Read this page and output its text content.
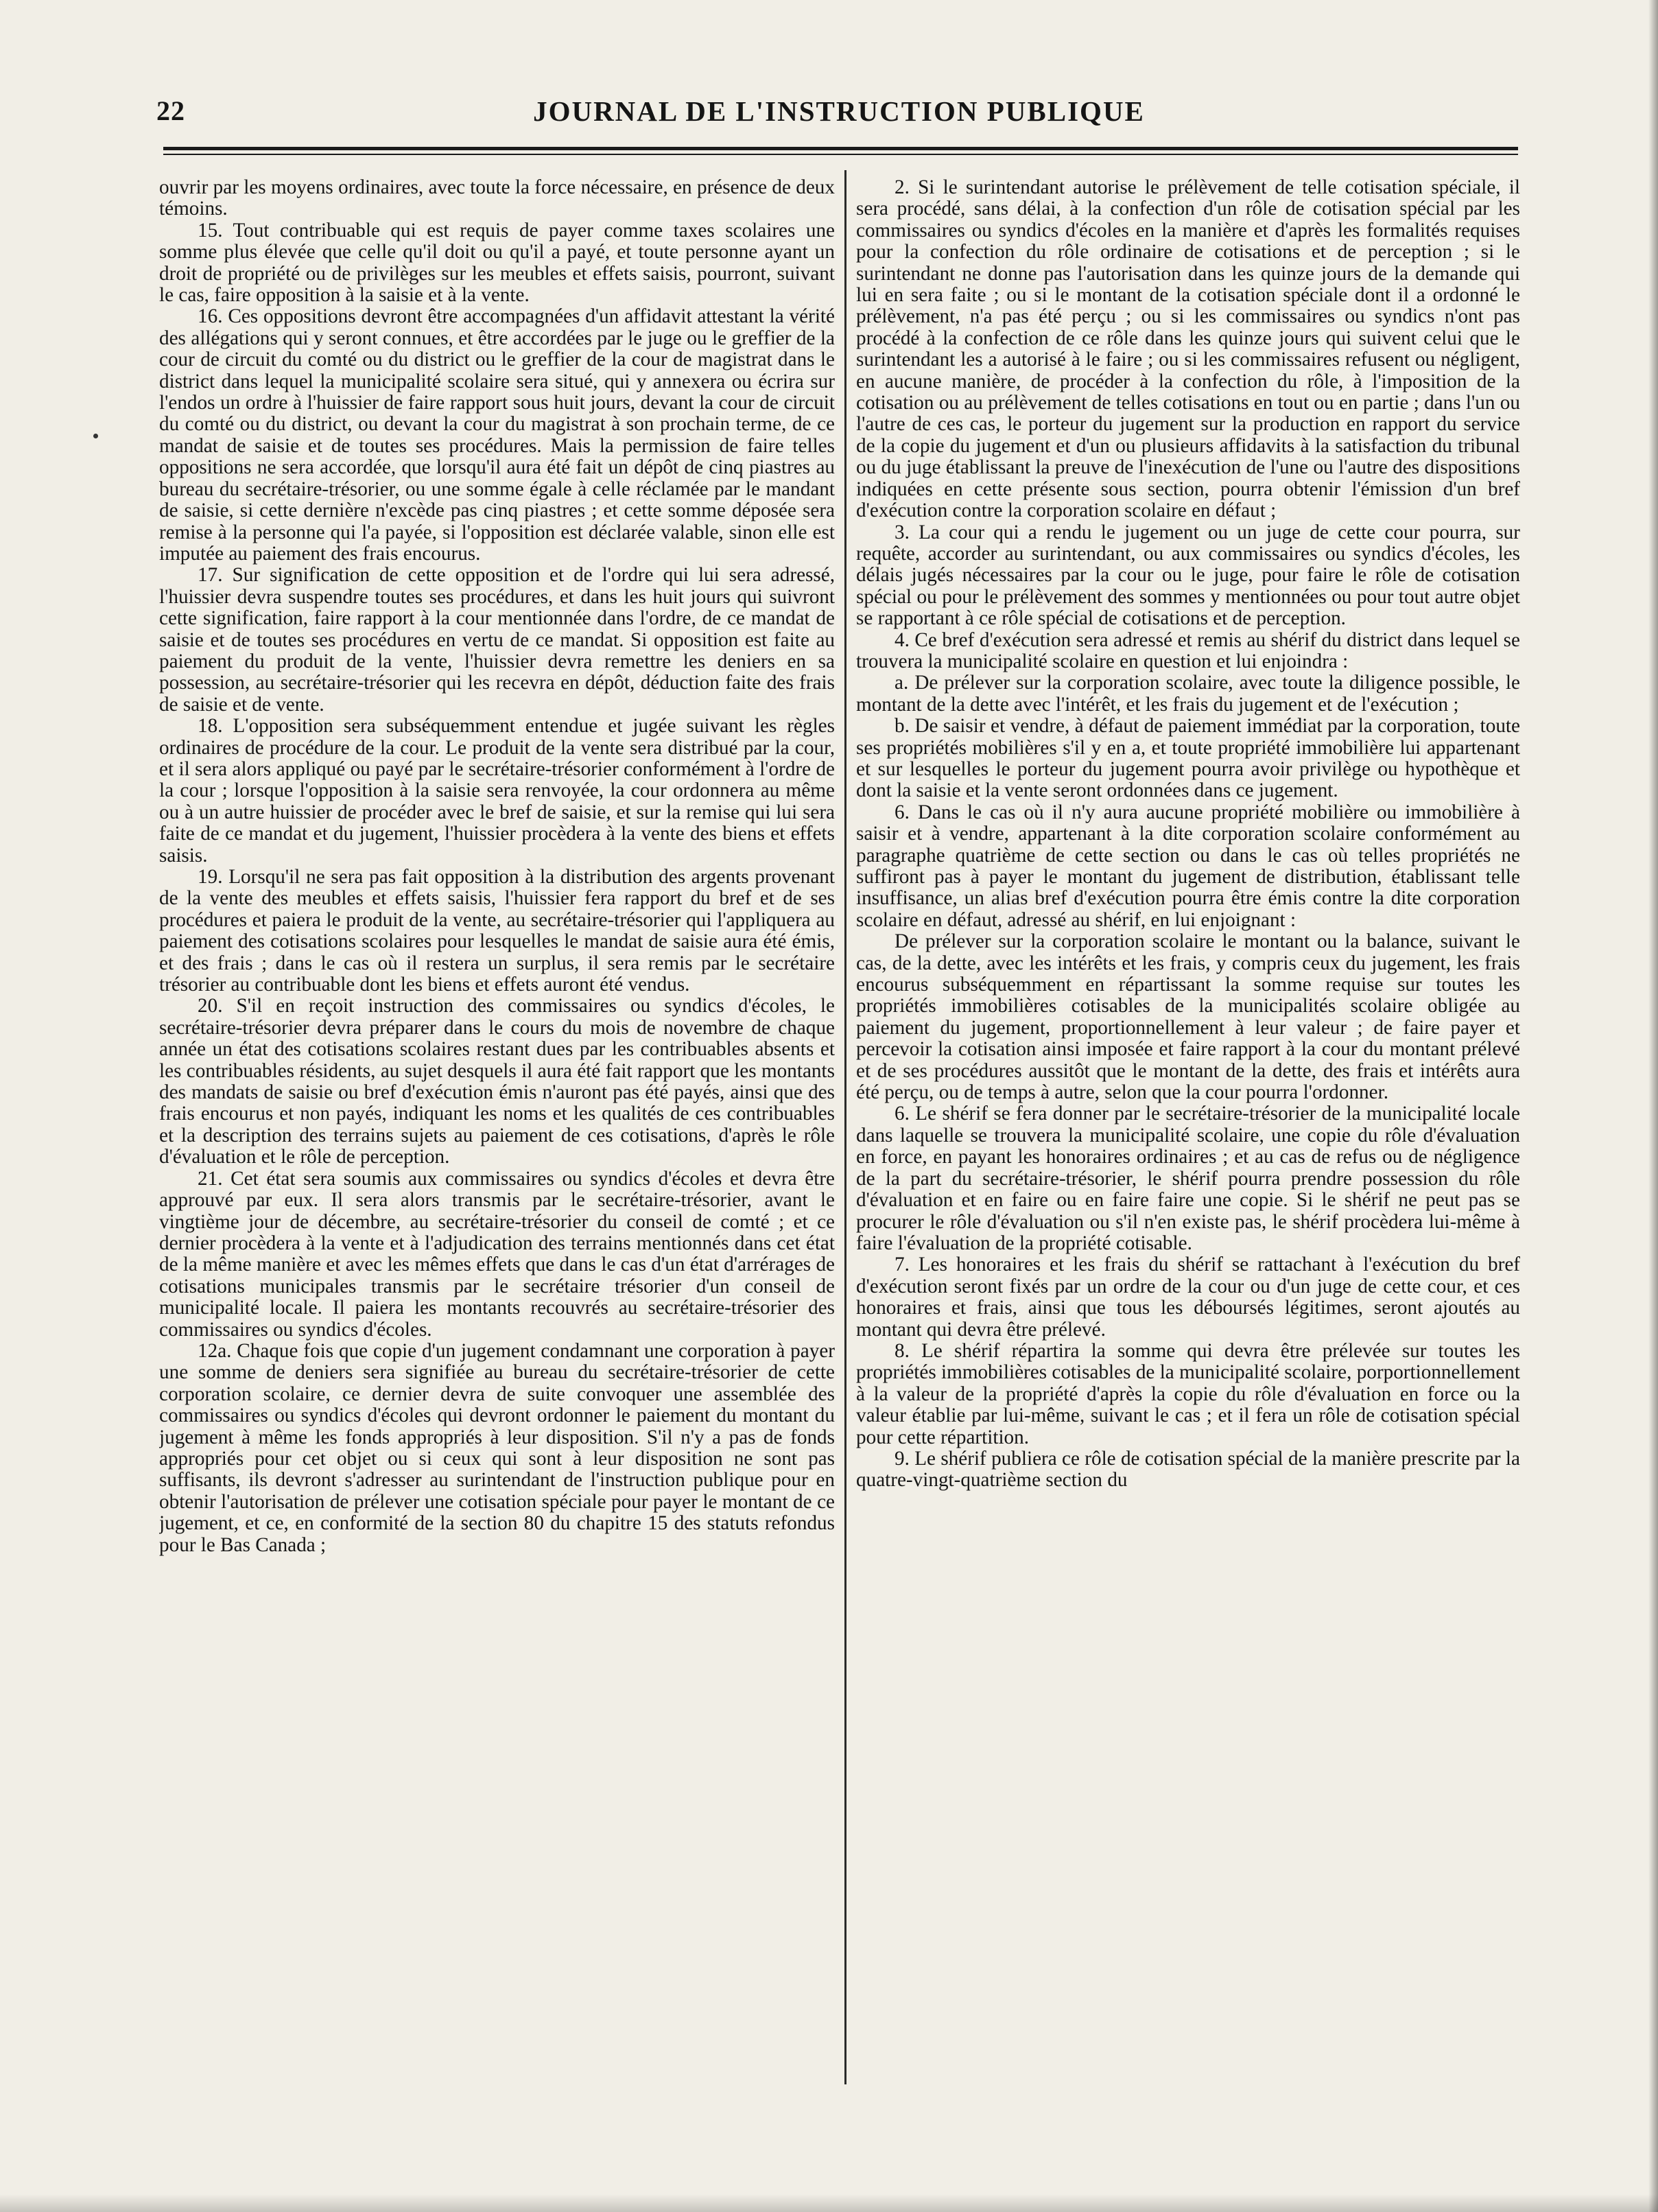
22	JOURNAL DE L'INSTRUCTION PUBLIQUE

ouvrir par les moyens ordinaires, avec toute la force nécessaire, en présence de deux témoins.

15. Tout contribuable qui est requis de payer comme taxes scolaires une somme plus élevée que celle qu'il doit ou qu'il a payé, et toute personne ayant un droit de propriété ou de privilèges sur les meubles et effets saisis, pourront, suivant le cas, faire opposition à la saisie et à la vente.

16. Ces oppositions devront être accompagnées d'un affidavit attestant la vérité des allégations qui y seront connues, et être accordées par le juge ou le greffier de la cour de circuit du comté ou du district ou le greffier de la cour de magistrat dans le district dans lequel la municipalité scolaire sera situé, qui y annexera ou écrira sur l'endos un ordre à l'huissier de faire rapport sous huit jours, devant la cour de circuit du comté ou du district, ou devant la cour du magistrat à son prochain terme, de ce mandat de saisie et de toutes ses procédures. Mais la permission de faire telles oppositions ne sera accordée, que lorsqu'il aura été fait un dépôt de cinq piastres au bureau du secrétaire-trésorier, ou une somme égale à celle réclamée par le mandant de saisie, si cette dernière n'excède pas cinq piastres ; et cette somme déposée sera remise à la personne qui l'a payée, si l'opposition est déclarée valable, sinon elle est imputée au paiement des frais encourus.

17. Sur signification de cette opposition et de l'ordre qui lui sera adressé, l'huissier devra suspendre toutes ses procédures, et dans les huit jours qui suivront cette signification, faire rapport à la cour mentionnée dans l'ordre, de ce mandat de saisie et de toutes ses procédures en vertu de ce mandat. Si opposition est faite au paiement du produit de la vente, l'huissier devra remettre les deniers en sa possession, au secrétaire-trésorier qui les recevra en dépôt, déduction faite des frais de saisie et de vente.

18. L'opposition sera subséquemment entendue et jugée suivant les règles ordinaires de procédure de la cour. Le produit de la vente sera distribué par la cour, et il sera alors appliqué ou payé par le secrétaire-trésorier conformément à l'ordre de la cour ; lorsque l'opposition à la saisie sera renvoyée, la cour ordonnera au même ou à un autre huissier de procéder avec le bref de saisie, et sur la remise qui lui sera faite de ce mandat et du jugement, l'huissier procèdera à la vente des biens et effets saisis.

19. Lorsqu'il ne sera pas fait opposition à la distribution des argents provenant de la vente des meubles et effets saisis, l'huissier fera rapport du bref et de ses procédures et paiera le produit de la vente, au secrétaire-trésorier qui l'appliquera au paiement des cotisations scolaires pour lesquelles le mandat de saisie aura été émis, et des frais ; dans le cas où il restera un surplus, il sera remis par le secrétaire trésorier au contribuable dont les biens et effets auront été vendus.

20. S'il en reçoit instruction des commissaires ou syndics d'écoles, le secrétaire-trésorier devra préparer dans le cours du mois de novembre de chaque année un état des cotisations scolaires restant dues par les contribuables absents et les contribuables résidents, au sujet desquels il aura été fait rapport que les montants des mandats de saisie ou bref d'exécution émis n'auront pas été payés, ainsi que des frais encourus et non payés, indiquant les noms et les qualités de ces contribuables et la description des terrains sujets au paiement de ces cotisations, d'après le rôle d'évaluation et le rôle de perception.

21. Cet état sera soumis aux commissaires ou syndics d'écoles et devra être approuvé par eux. Il sera alors transmis par le secrétaire-trésorier, avant le vingtième jour de décembre, au secrétaire-trésorier du conseil de comté ; et ce dernier procèdera à la vente et à l'adjudication des terrains mentionnés dans cet état de la même manière et avec les mêmes effets que dans le cas d'un état d'arrérages de cotisations municipales transmis par le secrétaire trésorier d'un conseil de municipalité locale. Il paiera les montants recouvrés au secrétaire-trésorier des commissaires ou syndics d'écoles.

12a. Chaque fois que copie d'un jugement condamnant une corporation à payer une somme de deniers sera signifiée au bureau du secrétaire-trésorier de cette corporation scolaire, ce dernier devra de suite convoquer une assemblée des commissaires ou syndics d'écoles qui devront ordonner le paiement du montant du jugement à même les fonds appropriés à leur disposition. S'il n'y a pas de fonds appropriés pour cet objet ou si ceux qui sont à leur disposition ne sont pas suffisants, ils devront s'adresser au surintendant de l'instruction publique pour en obtenir l'autorisation de prélever une cotisation spéciale pour payer le montant de ce jugement, et ce, en conformité de la section 80 du chapitre 15 des statuts refondus pour le Bas Canada ;

2. Si le surintendant autorise le prélèvement de telle cotisation spéciale, il sera procédé, sans délai, à la confection d'un rôle de cotisation spécial par les commissaires ou syndics d'écoles en la manière et d'après les formalités requises pour la confection du rôle ordinaire de cotisations et de perception ; si le surintendant ne donne pas l'autorisation dans les quinze jours de la demande qui lui en sera faite ; ou si le montant de la cotisation spéciale dont il a ordonné le prélèvement, n'a pas été perçu ; ou si les commissaires ou syndics n'ont pas procédé à la confection de ce rôle dans les quinze jours qui suivent celui que le surintendant les a autorisé à le faire ; ou si les commissaires refusent ou négligent, en aucune manière, de procéder à la confection du rôle, à l'imposition de la cotisation ou au prélèvement de telles cotisations en tout ou en partie ; dans l'un ou l'autre de ces cas, le porteur du jugement sur la production en rapport du service de la copie du jugement et d'un ou plusieurs affidavits à la satisfaction du tribunal ou du juge établissant la preuve de l'inexécution de l'une ou l'autre des dispositions indiquées en cette présente sous section, pourra obtenir l'émission d'un bref d'exécution contre la corporation scolaire en défaut ;

3. La cour qui a rendu le jugement ou un juge de cette cour pourra, sur requête, accorder au surintendant, ou aux commissaires ou syndics d'écoles, les délais jugés nécessaires par la cour ou le juge, pour faire le rôle de cotisation spécial ou pour le prélèvement des sommes y mentionnées ou pour tout autre objet se rapportant à ce rôle spécial de cotisations et de perception.

4. Ce bref d'exécution sera adressé et remis au shérif du district dans lequel se trouvera la municipalité scolaire en question et lui enjoindra :

a. De prélever sur la corporation scolaire, avec toute la diligence possible, le montant de la dette avec l'intérêt, et les frais du jugement et de l'exécution ;

b. De saisir et vendre, à défaut de paiement immédiat par la corporation, toute ses propriétés mobilières s'il y en a, et toute propriété immobilière lui appartenant et sur lesquelles le porteur du jugement pourra avoir privilège ou hypothèque et dont la saisie et la vente seront ordonnées dans ce jugement.

6. Dans le cas où il n'y aura aucune propriété mobilière ou immobilière à saisir et à vendre, appartenant à la dite corporation scolaire conformément au paragraphe quatrième de cette section ou dans le cas où telles propriétés ne suffiront pas à payer le montant du jugement de distribution, établissant telle insuffisance, un alias bref d'exécution pourra être émis contre la dite corporation scolaire en défaut, adressé au shérif, en lui enjoignant :

De prélever sur la corporation scolaire le montant ou la balance, suivant le cas, de la dette, avec les intérêts et les frais, y compris ceux du jugement, les frais encourus subséquemment en répartissant la somme requise sur toutes les propriétés immobilières cotisables de la municipalités scolaire obligée au paiement du jugement, proportionnellement à leur valeur ; de faire payer et percevoir la cotisation ainsi imposée et faire rapport à la cour du montant prélevé et de ses procédures aussitôt que le montant de la dette, des frais et intérêts aura été perçu, ou de temps à autre, selon que la cour pourra l'ordonner.

6. Le shérif se fera donner par le secrétaire-trésorier de la municipalité locale dans laquelle se trouvera la municipalité scolaire, une copie du rôle d'évaluation en force, en payant les honoraires ordinaires ; et au cas de refus ou de négligence de la part du secrétaire-trésorier, le shérif pourra prendre possession du rôle d'évaluation et en faire ou en faire faire une copie. Si le shérif ne peut pas se procurer le rôle d'évaluation ou s'il n'en existe pas, le shérif procèdera lui-même à faire l'évaluation de la propriété cotisable.

7. Les honoraires et les frais du shérif se rattachant à l'exécution du bref d'exécution seront fixés par un ordre de la cour ou d'un juge de cette cour, et ces honoraires et frais, ainsi que tous les déboursés légitimes, seront ajoutés au montant qui devra être prélevé.

8. Le shérif répartira la somme qui devra être prélevée sur toutes les propriétés immobilières cotisables de la municipalité scolaire, porportionnellement à la valeur de la propriété d'après la copie du rôle d'évaluation en force ou la valeur établie par lui-même, suivant le cas ; et il fera un rôle de cotisation spécial pour cette répartition.

9. Le shérif publiera ce rôle de cotisation spécial de la manière prescrite par la quatre-vingt-quatrième section du
